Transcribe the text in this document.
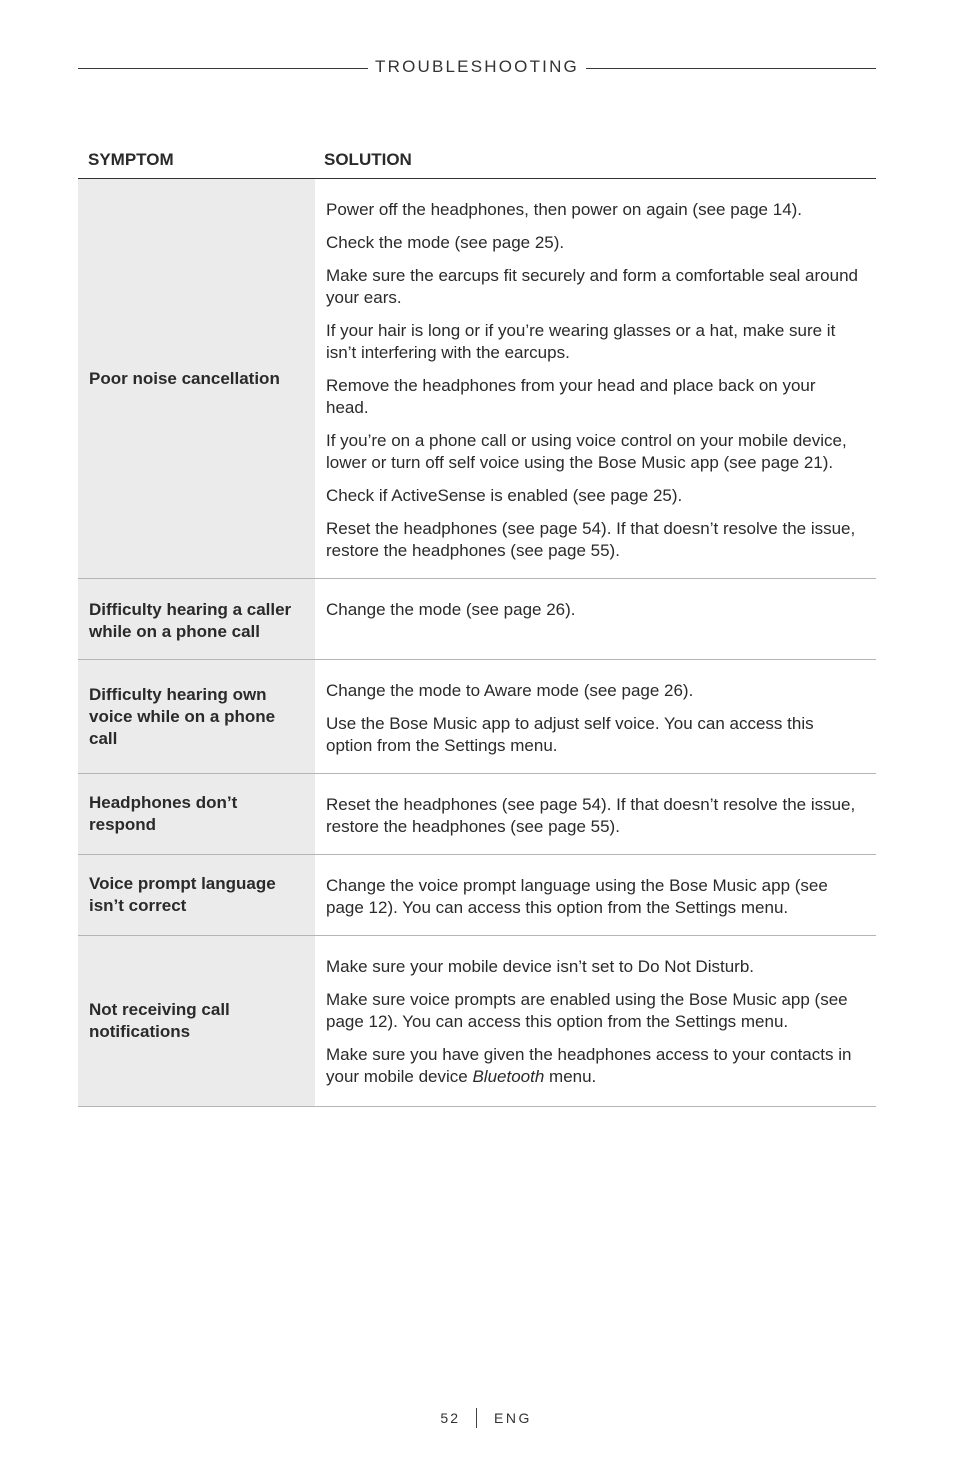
TROUBLESHOOTING
SYMPTOM	SOLUTION
Poor noise cancellation

Power off the headphones, then power on again (see page 14).

Check the mode (see page 25).

Make sure the earcups fit securely and form a comfortable seal around your ears.

If your hair is long or if you’re wearing glasses or a hat, make sure it isn’t interfering with the earcups.

Remove the headphones from your head and place back on your head.

If you’re on a phone call or using voice control on your mobile device, lower or turn off self voice using the Bose Music app (see page 21).

Check if ActiveSense is enabled (see page 25).

Reset the headphones (see page 54). If that doesn’t resolve the issue, restore the headphones (see page 55).

Difficulty hearing a caller while on a phone call

Change the mode (see page 26).

Difficulty hearing own voice while on a phone call

Change the mode to Aware mode (see page 26).

Use the Bose Music app to adjust self voice. You can access this option from the Settings menu.

Headphones don’t respond

Reset the headphones (see page 54). If that doesn’t resolve the issue, restore the headphones (see page 55).

Voice prompt language isn’t correct

Change the voice prompt language using the Bose Music app (see page 12). You can access this option from the Settings menu.

Not receiving call notifications

Make sure your mobile device isn’t set to Do Not Disturb.

Make sure voice prompts are enabled using the Bose Music app (see page 12). You can access this option from the Settings menu.

Make sure you have given the headphones access to your contacts in your mobile device Bluetooth menu.

52 ENG
